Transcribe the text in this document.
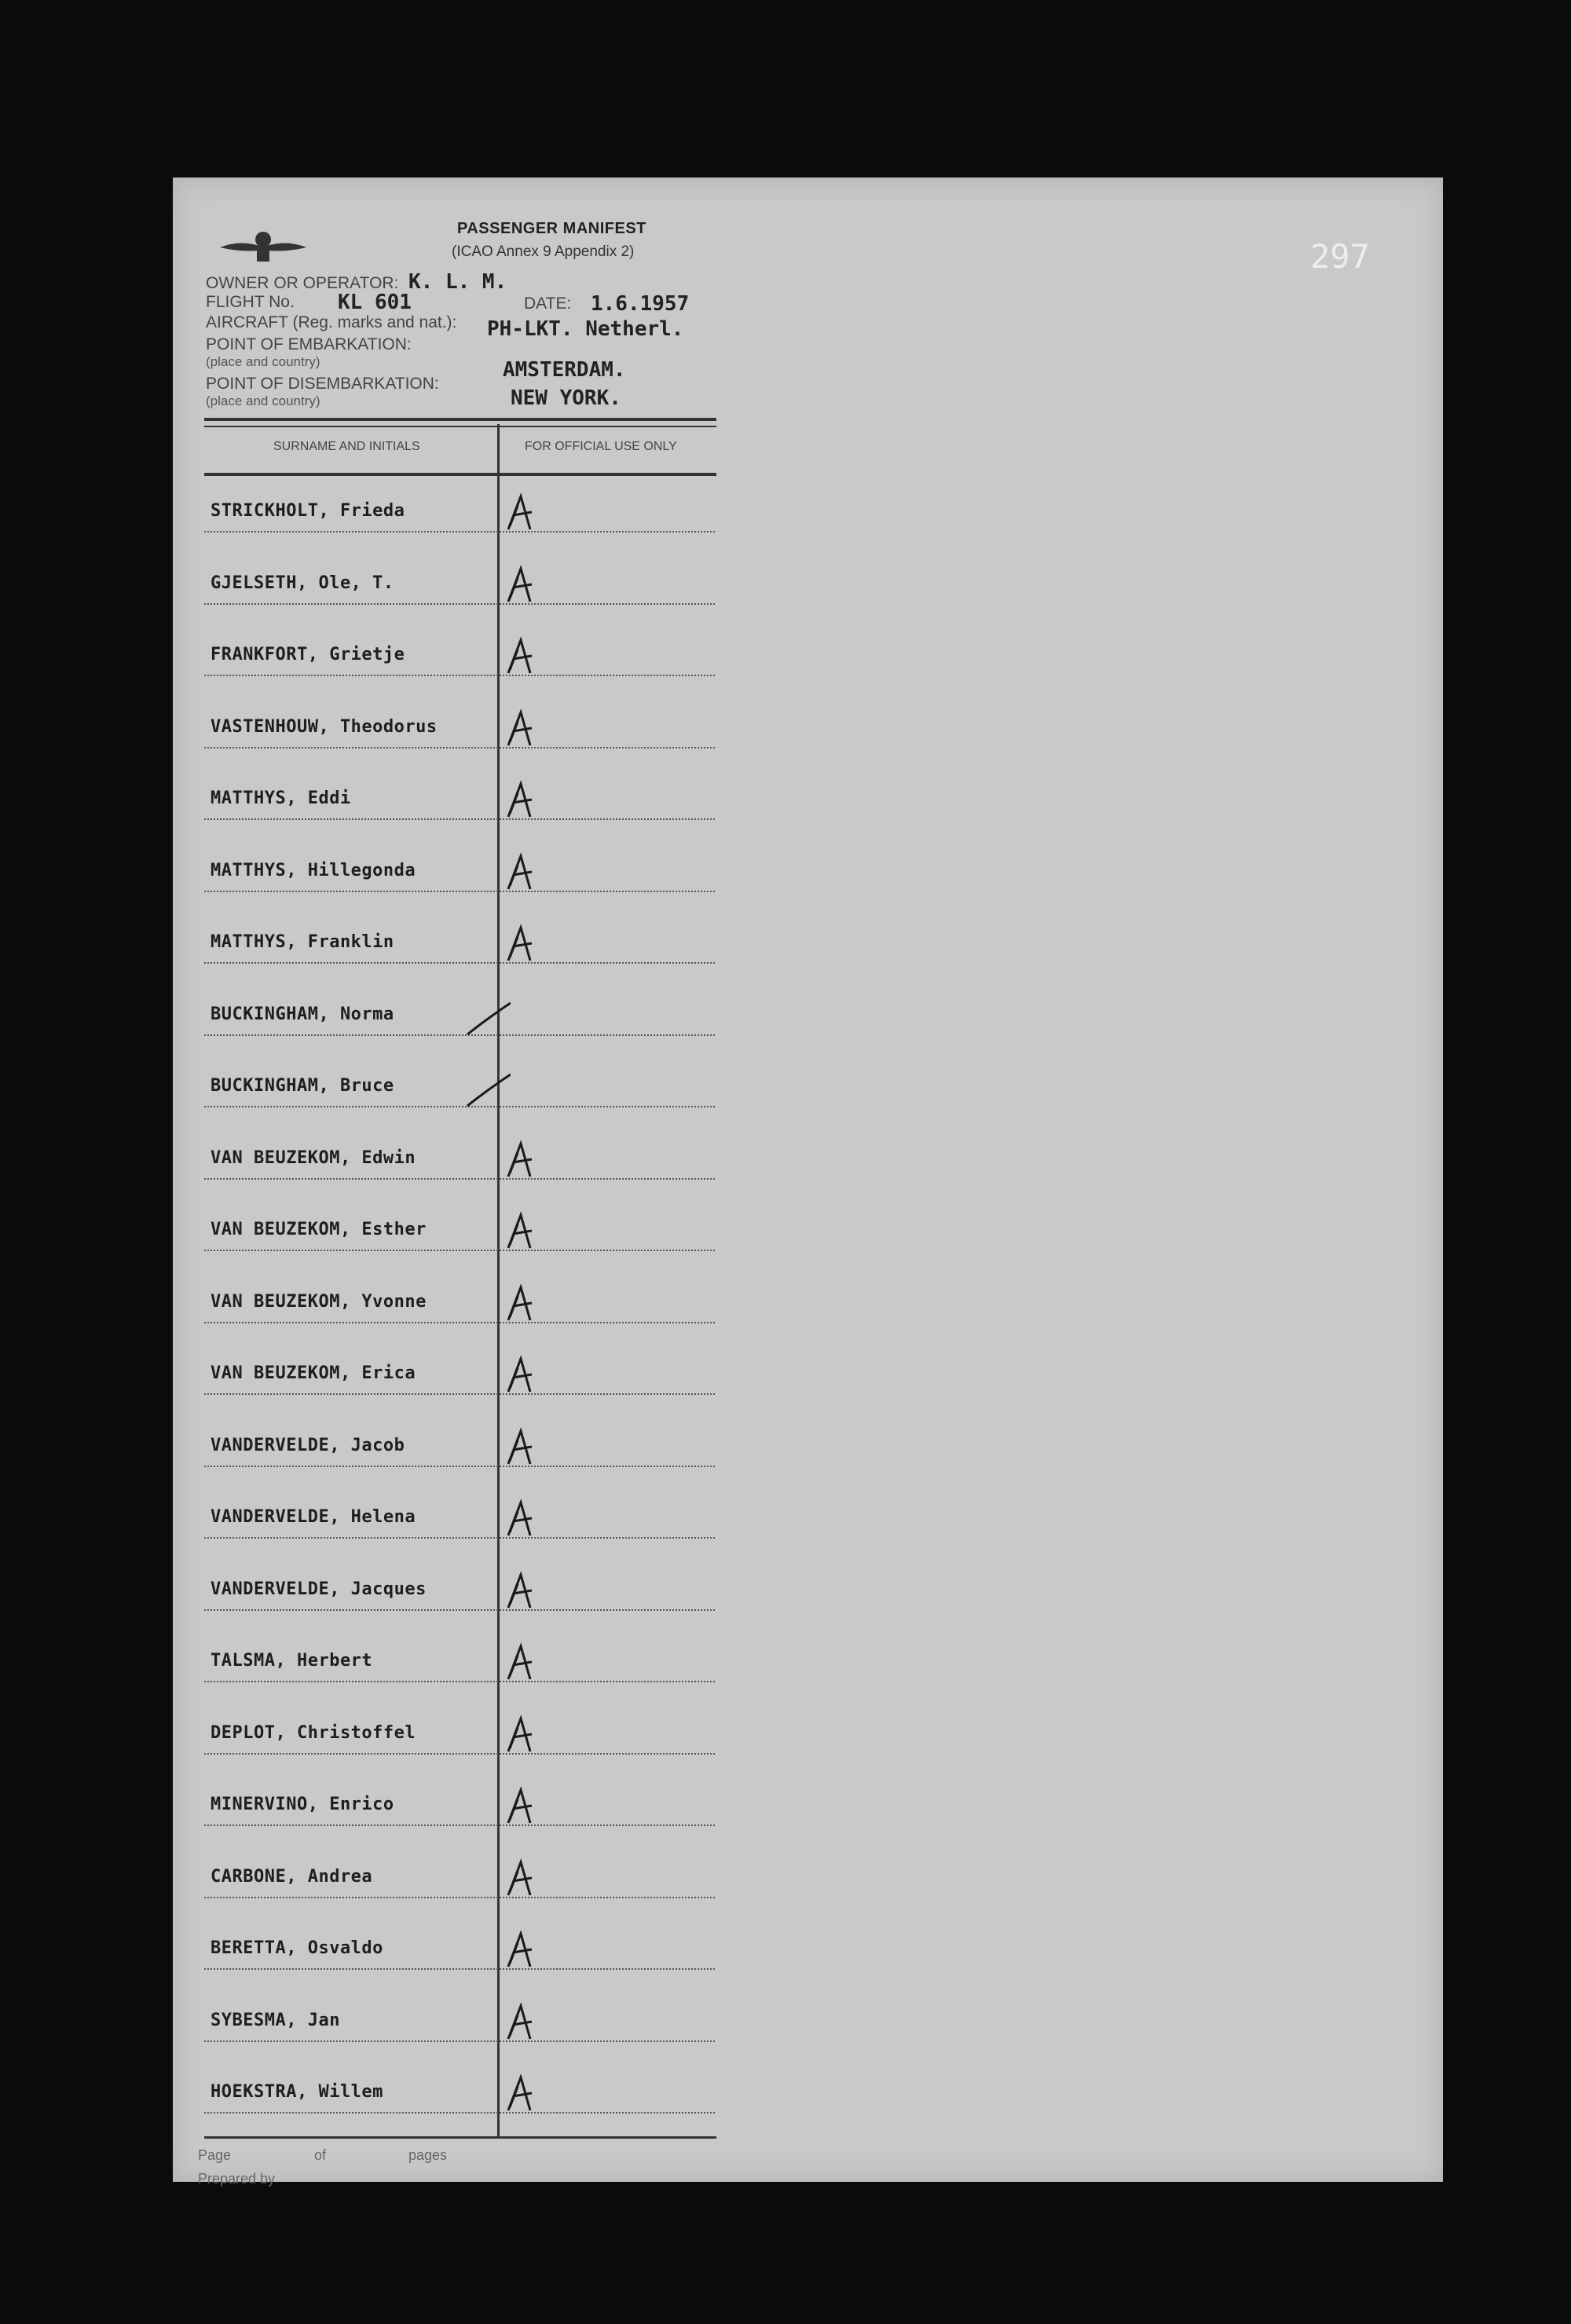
PASSENGER MANIFEST
(ICAO Annex 9 Appendix 2)	297
OWNER OR OPERATOR: K. L. M.
FLIGHT No. KL 601	DATE: 1.6.1957
AIRCRAFT (Reg. marks and nat.): PH-LKT. Netherl.
POINT OF EMBARKATION:
(place and country)	AMSTERDAM.
POINT OF DISEMBARKATION:
(place and country)	NEW YORK.
SURNAME AND INITIALS	FOR OFFICIAL USE ONLY
STRICKHOLT, Frieda
GJELSETH, Ole, T.
FRANKFORT, Grietje
VASTENHOUW, Theodorus
MATTHYS, Eddi
MATTHYS, Hillegonda
MATTHYS, Franklin
BUCKINGHAM, Norma
BUCKINGHAM, Bruce
VAN BEUZEKOM, Edwin
VAN BEUZEKOM, Esther
VAN BEUZEKOM, Yvonne
VAN BEUZEKOM, Erica
VANDERVELDE, Jacob
VANDERVELDE, Helena
VANDERVELDE, Jacques
TALSMA, Herbert
DEPLOT, Christoffel
MINERVINO, Enrico
CARBONE, Andrea
BERETTA, Osvaldo
SYBESMA, Jan
HOEKSTRA, Willem
Page	of	pages
Prepared by
